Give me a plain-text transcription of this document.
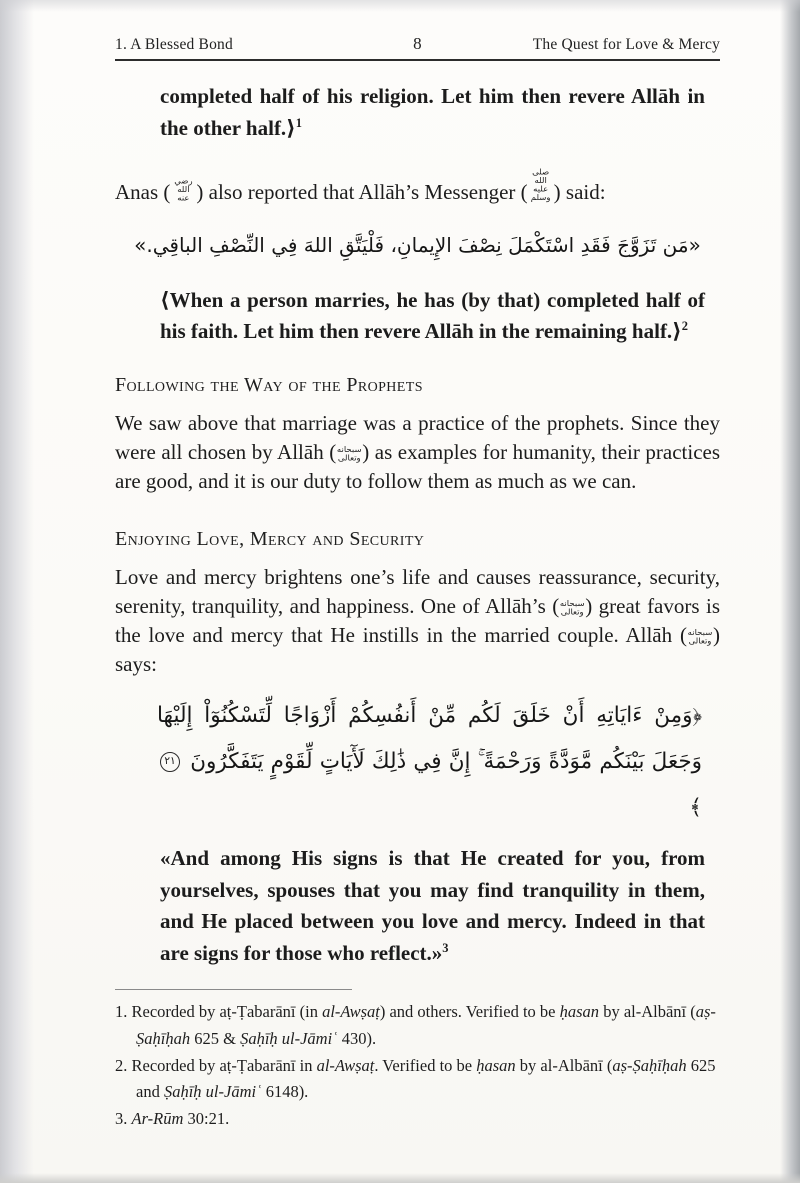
1. A Blessed Bond	8	The Quest for Love & Mercy
completed half of his religion. Let him then revere Allāh in the other half.⟩$^1$
Anas ( رضي الله عنه ) also reported that Allāh’s Messenger (صلى الله عليه وسلم ) said:
«مَن تَزَوَّجَ فَقَدِ اسْتَكْمَلَ نِصْفَ الإِيمانِ، فَلْيَتَّقِ اللهَ فِي النِّصْفِ الباقِي.»
⟨When a person marries, he has (by that) completed half of his faith. Let him then revere Allāh in the remaining half.⟩$^2$
Following the Way of the Prophets
We saw above that marriage was a practice of the prophets. Since they were all chosen by Allāh (سبحانه وتعالى) as examples for humanity, their practices are good, and it is our duty to follow them as much as we can.
Enjoying Love, Mercy and Security
Love and mercy brightens one’s life and causes reassurance, security, serenity, tranquility, and happiness. One of Allāh’s (سبحانه وتعالى) great favors is the love and mercy that He instills in the married couple. Allāh (سبحانه وتعالى) says:
﴿وَمِنْ ءَايَاتِهِ أَنْ خَلَقَ لَكُم مِّنْ أَنفُسِكُمْ أَزْوَاجًا لِّتَسْكُنُوٓاْ إِلَيْهَا وَجَعَلَ بَيْنَكُم مَّوَدَّةً وَرَحْمَةً ۚ إِنَّ فِي ذَٰلِكَ لَأٓيَاتٍ لِّقَوْمٍ يَتَفَكَّرُونَ ٢١ ﴾
«And among His signs is that He created for you, from yourselves, spouses that you may find tranquility in them, and He placed between you love and mercy. Indeed in that are signs for those who reflect.»$^3$
1. Recorded by aṭ-Ṭabarānī (in al-Awṣaṭ) and others. Verified to be ḥasan by al-Albānī (aṣ-Ṣaḥīḥah 625 & Ṣaḥīḥ ul-Jāmiʿ 430).
2. Recorded by aṭ-Ṭabarānī in al-Awṣaṭ. Verified to be ḥasan by al-Albānī (aṣ-Ṣaḥīḥah 625 and Ṣaḥīḥ ul-Jāmiʿ 6148).
3. Ar-Rūm 30:21.
